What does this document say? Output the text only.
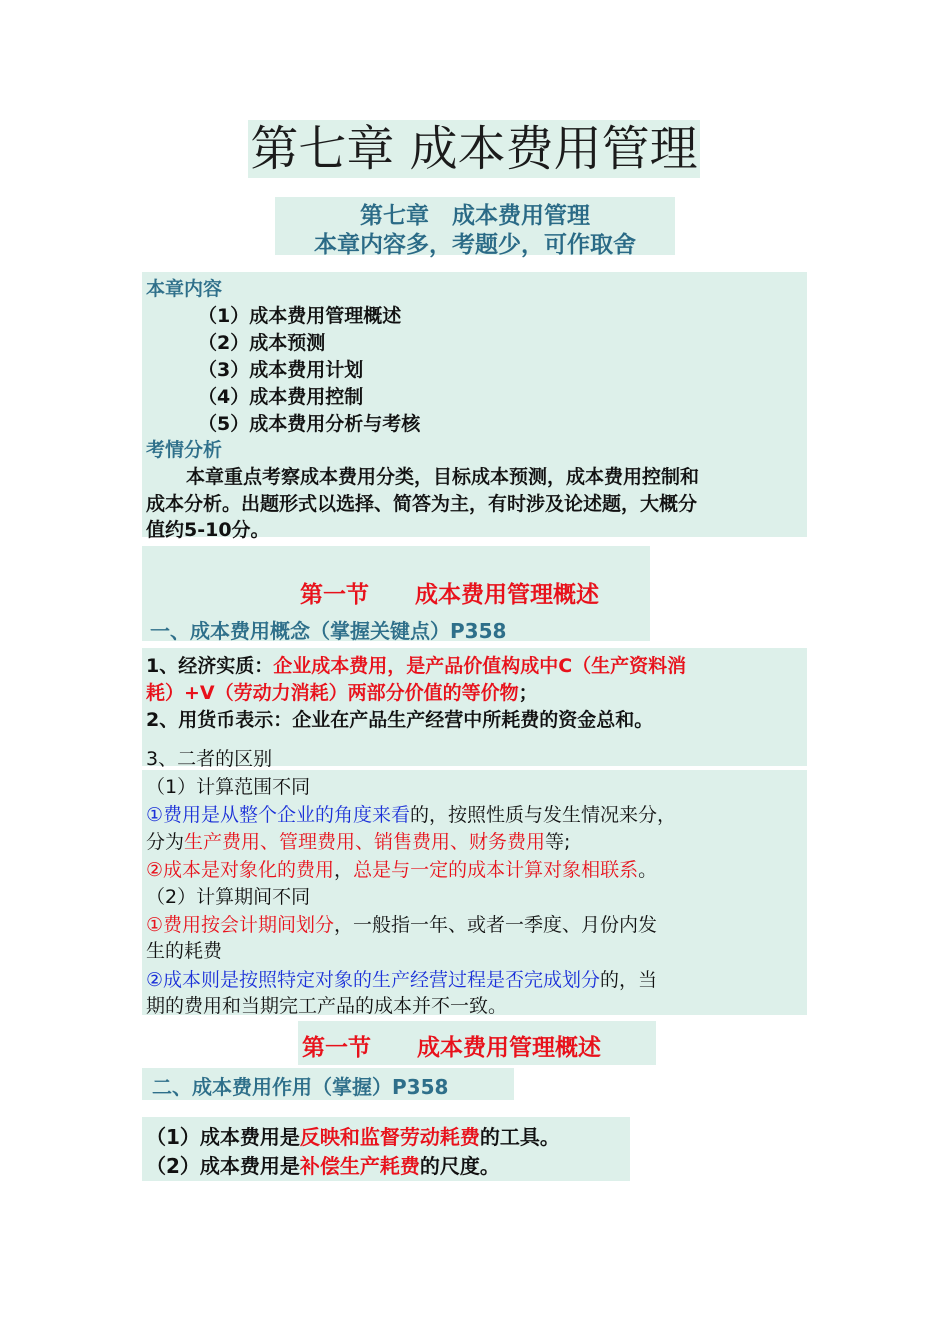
第七章 成本费用管理
第七章　成本费用管理
本章内容多，考题少，可作取舍
本章内容
（1）成本费用管理概述
（2）成本预测
（3）成本费用计划
（4）成本费用控制
（5）成本费用分析与考核
考情分析
本章重点考察成本费用分类，目标成本预测，成本费用控制和
成本分析。出题形式以选择、简答为主，有时涉及论述题，大概分
值约5-10分。
第一节　　成本费用管理概述
一、成本费用概念（掌握关键点）P358
1、经济实质：企业成本费用，是产品价值构成中C（生产资料消
耗）+V（劳动力消耗）两部分价值的等价物；
2、用货币表示：企业在产品生产经营中所耗费的资金总和。
3、二者的区别
（1）计算范围不同
①费用是从整个企业的角度来看的，按照性质与发生情况来分，
分为生产费用、管理费用、销售费用、财务费用等;
②成本是对象化的费用，总是与一定的成本计算对象相联系。
（2）计算期间不同
①费用按会计期间划分，一般指一年、或者一季度、月份内发
生的耗费
②成本则是按照特定对象的生产经营过程是否完成划分的，当
期的费用和当期完工产品的成本并不一致。
第一节　　成本费用管理概述
二、成本费用作用（掌握）P358
（1）成本费用是反映和监督劳动耗费的工具。
（2）成本费用是补偿生产耗费的尺度。
